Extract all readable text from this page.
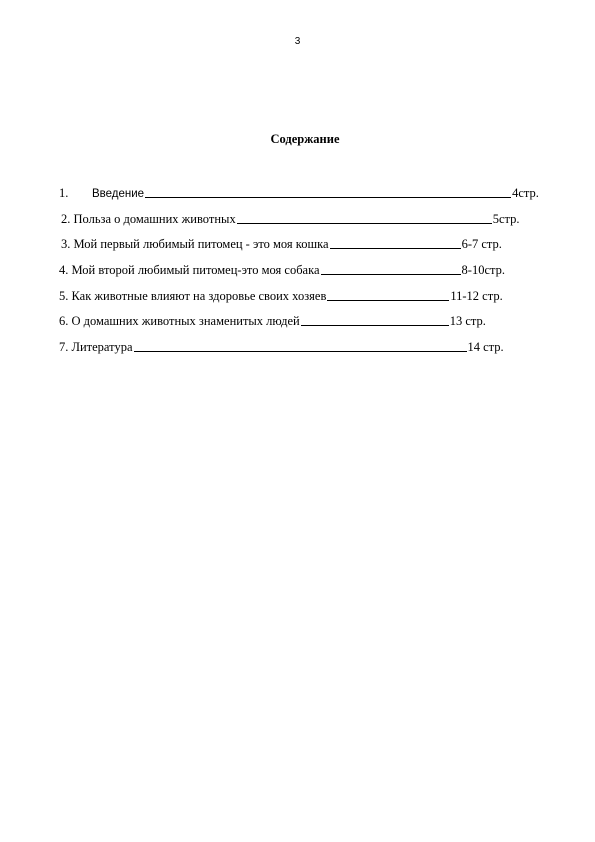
3
Содержание
1. Введение	4стр.
2. Польза о домашних животных	5стр.
3. Мой первый любимый питомец - это моя кошка	6-7 стр.
4. Мой второй любимый питомец-это моя собака	8-10стр.
5. Как животные влияют на здоровье своих хозяев	11-12 стр.
6. О домашних животных знаменитых людей	13 стр.
7. Литература	14 стр.
